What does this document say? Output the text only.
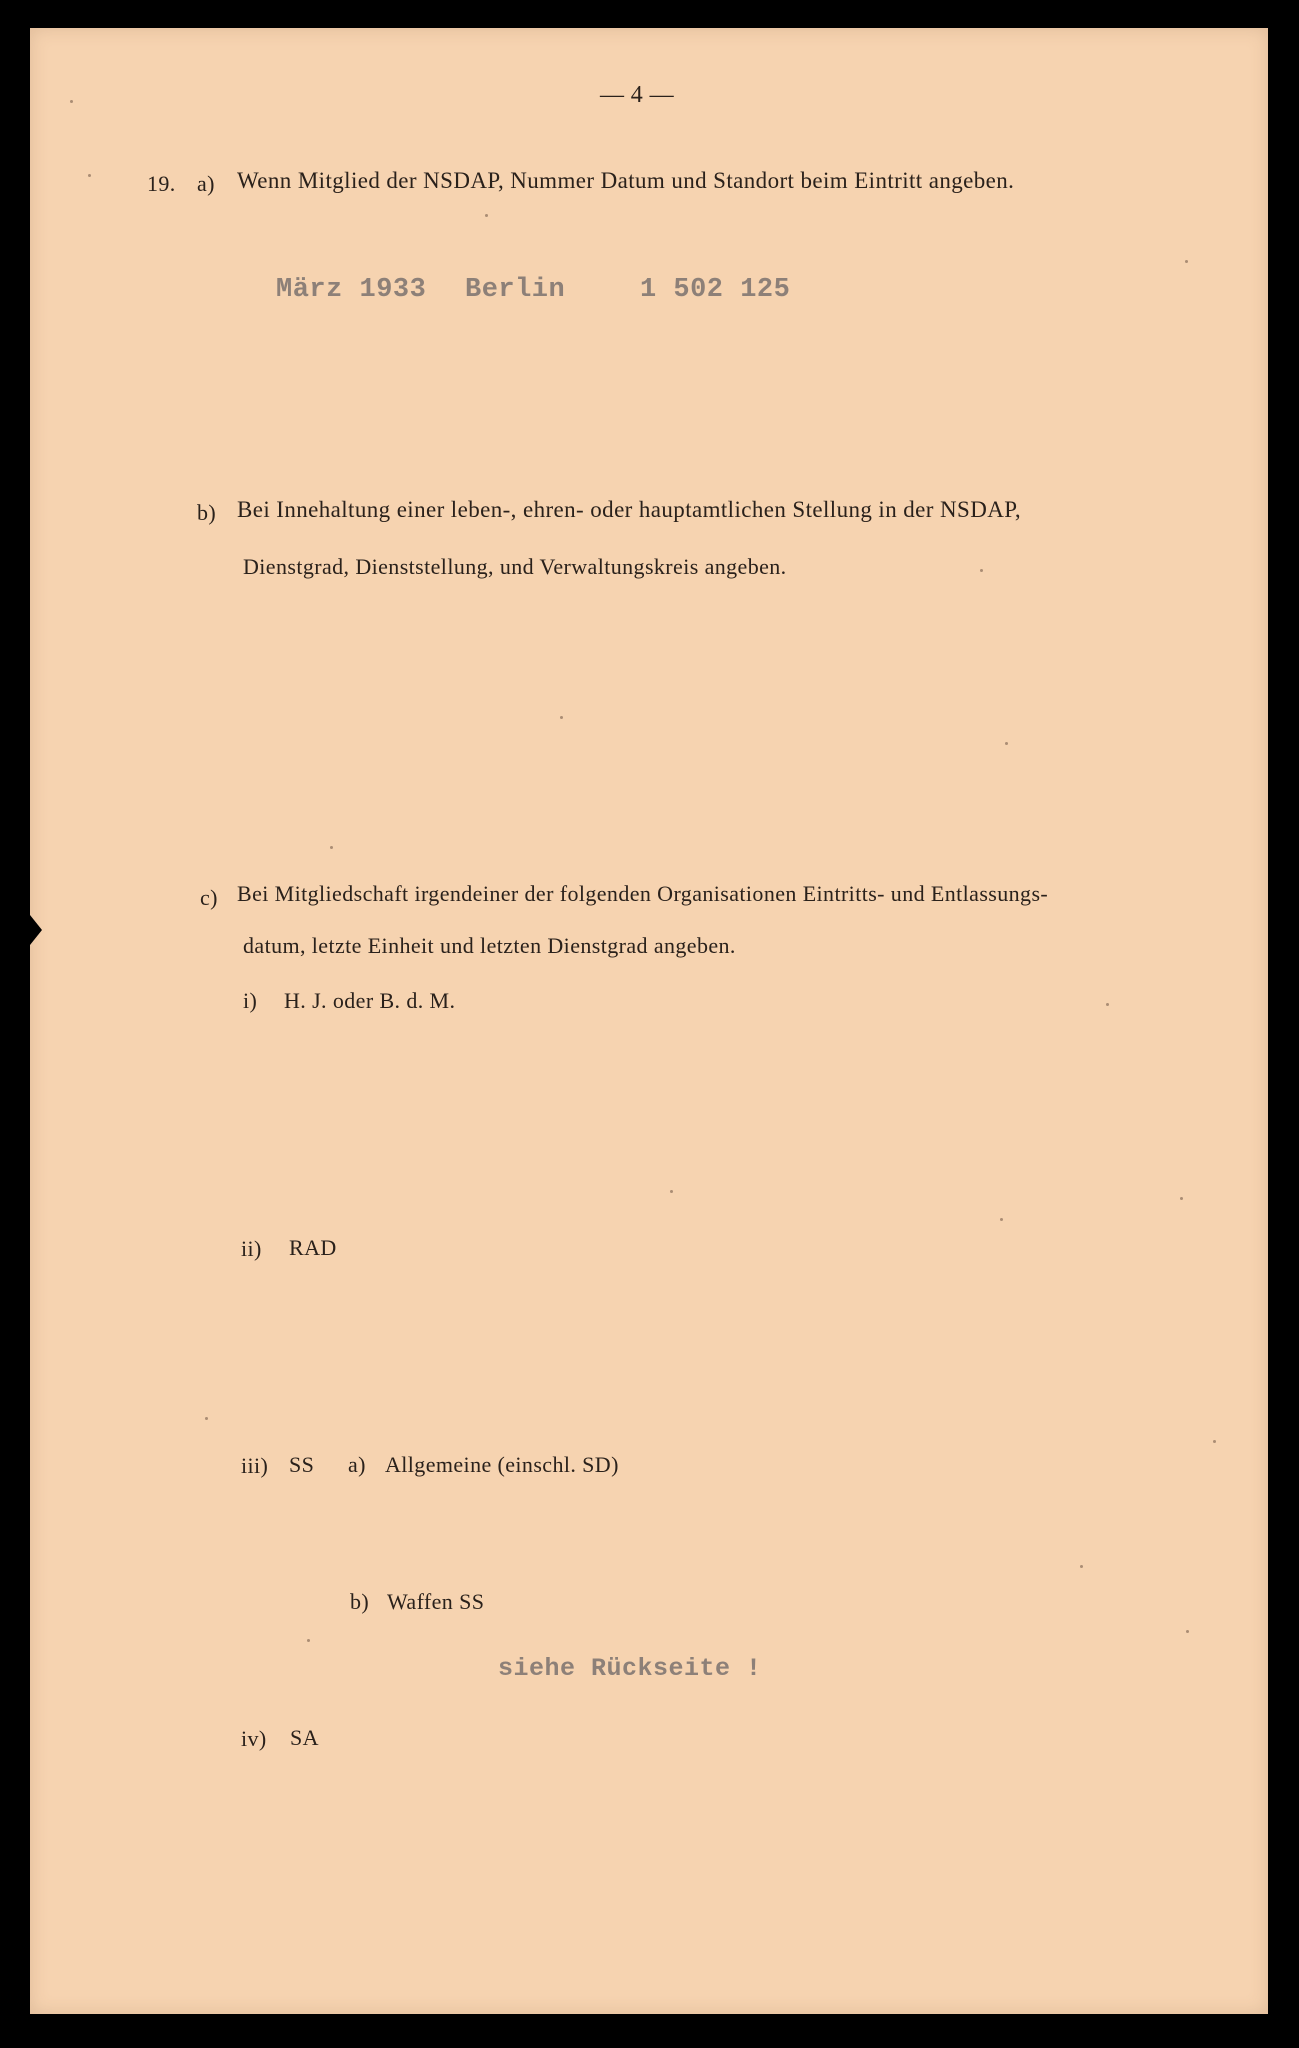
— 4 —
19. a) Wenn Mitglied der NSDAP, Nummer Datum und Standort beim Eintritt angeben.
März 1933 Berlin	1 502 125
b) Bei Innehaltung einer leben-, ehren- oder hauptamtlichen Stellung in der NSDAP,
Dienstgrad, Dienststellung, und Verwaltungskreis angeben.
c) Bei Mitgliedschaft irgendeiner der folgenden Organisationen Eintritts- und Entlassungs-
datum, letzte Einheit und letzten Dienstgrad angeben.
i) H. J. oder B. d. M.
ii) RAD
iii) SS a) Allgemeine (einschl. SD)
b) Waffen SS
siehe Rückseite !
iv) SA
